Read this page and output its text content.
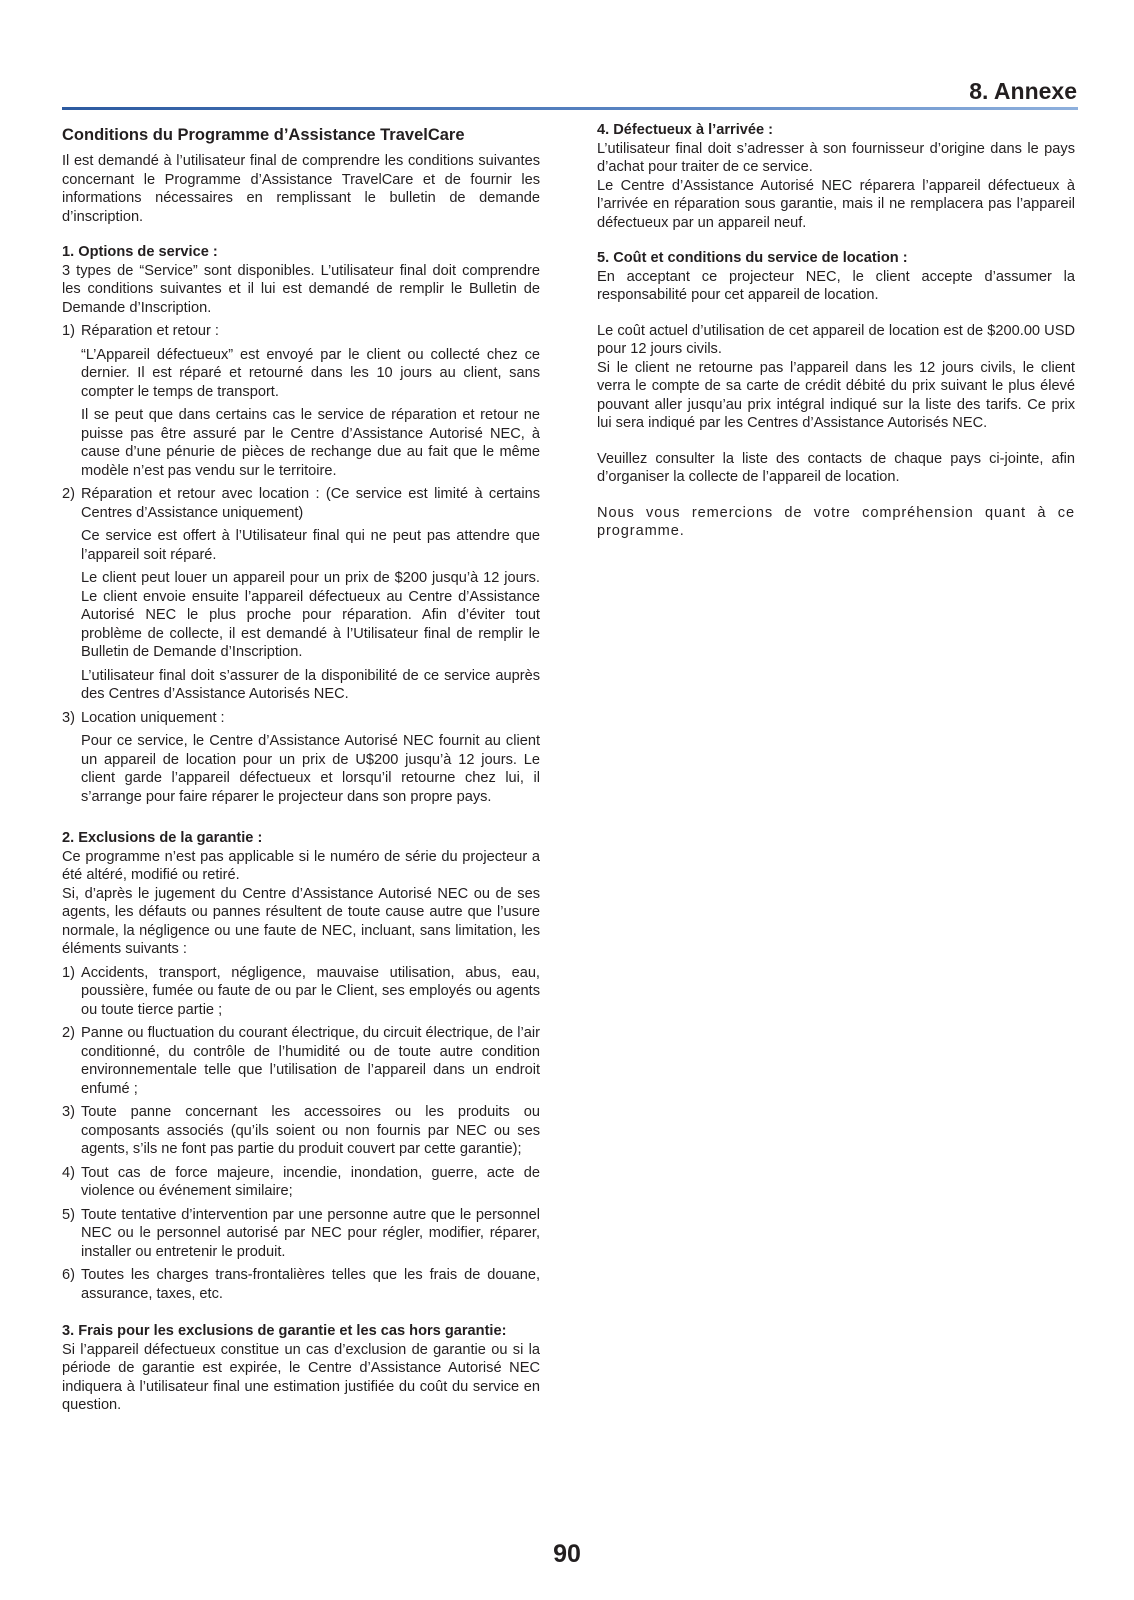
8. Annexe
Conditions du Programme d’Assistance TravelCare

Il est demandé à l’utilisateur final de comprendre les conditions suivantes concernant le Programme d’Assistance TravelCare et de fournir les informations nécessaires en remplissant le bulletin de demande d’inscription.

1. Options de service :

3 types de “Service” sont disponibles. L’utilisateur final doit comprendre les conditions suivantes et il lui est demandé de remplir le Bulletin de Demande d’Inscription.

1) Réparation et retour :

“L’Appareil défectueux” est envoyé par le client ou collecté chez ce dernier. Il est réparé et retourné dans les 10 jours au client, sans compter le temps de transport.

Il se peut que dans certains cas le service de réparation et retour ne puisse pas être assuré par le Centre d’Assistance Autorisé NEC, à cause d’une pénurie de pièces de rechange due au fait que le même modèle n’est pas vendu sur le territoire.

2) Réparation et retour avec location : (Ce service est limité à certains Centres d’Assistance uniquement)

Ce service est offert à l’Utilisateur final qui ne peut pas attendre que l’appareil soit réparé.

Le client peut louer un appareil pour un prix de $200 jusqu’à 12 jours. Le client envoie ensuite l’appareil défectueux au Centre d’Assistance Autorisé NEC le plus proche pour réparation. Afin d’éviter tout problème de collecte, il est demandé à l’Utilisateur final de remplir le Bulletin de Demande d’Inscription.

L’utilisateur final doit s’assurer de la disponibilité de ce service auprès des Centres d’Assistance Autorisés NEC.

3) Location uniquement :

Pour ce service, le Centre d’Assistance Autorisé NEC fournit au client un appareil de location pour un prix de U$200 jusqu’à 12 jours. Le client garde l’appareil défectueux et lorsqu’il retourne chez lui, il s’arrange pour faire réparer le projecteur dans son propre pays.

2. Exclusions de la garantie :

Ce programme n’est pas applicable si le numéro de série du projecteur a été altéré, modifié ou retiré.

Si, d’après le jugement du Centre d’Assistance Autorisé NEC ou de ses agents, les défauts ou pannes résultent de toute cause autre que l’usure normale, la négligence ou une faute de NEC, incluant, sans limitation, les éléments suivants :

1) Accidents, transport, négligence, mauvaise utilisation, abus, eau, poussière, fumée ou faute de ou par le Client, ses employés ou agents ou toute tierce partie ;
2) Panne ou fluctuation du courant électrique, du circuit électrique, de l’air conditionné, du contrôle de l’humidité ou de toute autre condition environnementale telle que l’utilisation de l’appareil dans un endroit enfumé ;
3) Toute panne concernant les accessoires ou les produits ou composants associés (qu’ils soient ou non fournis par NEC ou ses agents, s’ils ne font pas partie du produit couvert par cette garantie);
4) Tout cas de force majeure, incendie, inondation, guerre, acte de violence ou événement similaire;
5) Toute tentative d’intervention par une personne autre que le personnel NEC ou le personnel autorisé par NEC pour régler, modifier, réparer, installer ou entretenir le produit.
6) Toutes les charges trans-frontalières telles que les frais de douane, assurance, taxes, etc.
3. Frais pour les exclusions de garantie et les cas hors garantie:

Si l’appareil défectueux constitue un cas d’exclusion de garantie ou si la période de garantie est expirée, le Centre d’Assistance Autorisé NEC indiquera à l’utilisateur final une estimation justifiée du coût du service en question.

4. Défectueux à l’arrivée :

L’utilisateur final doit s’adresser à son fournisseur d’origine dans le pays d’achat pour traiter de ce service.

Le Centre d’Assistance Autorisé NEC réparera l’appareil défectueux à l’arrivée en réparation sous garantie, mais il ne remplacera pas l’appareil défectueux par un appareil neuf.

5. Coût et conditions du service de location :

En acceptant ce projecteur NEC, le client accepte d’assumer la responsabilité pour cet appareil de location.

Le coût actuel d’utilisation de cet appareil de location est de $200.00 USD pour 12 jours civils.

Si le client ne retourne pas l’appareil dans les 12 jours civils, le client verra le compte de sa carte de crédit débité du prix suivant le plus élevé pouvant aller jusqu’au prix intégral indiqué sur la liste des tarifs. Ce prix lui sera indiqué par les Centres d’Assistance Autorisés NEC.

Veuillez consulter la liste des contacts de chaque pays ci-jointe, afin d’organiser la collecte de l’appareil de location.

Nous vous remercions de votre compréhension quant à ce programme.

90
